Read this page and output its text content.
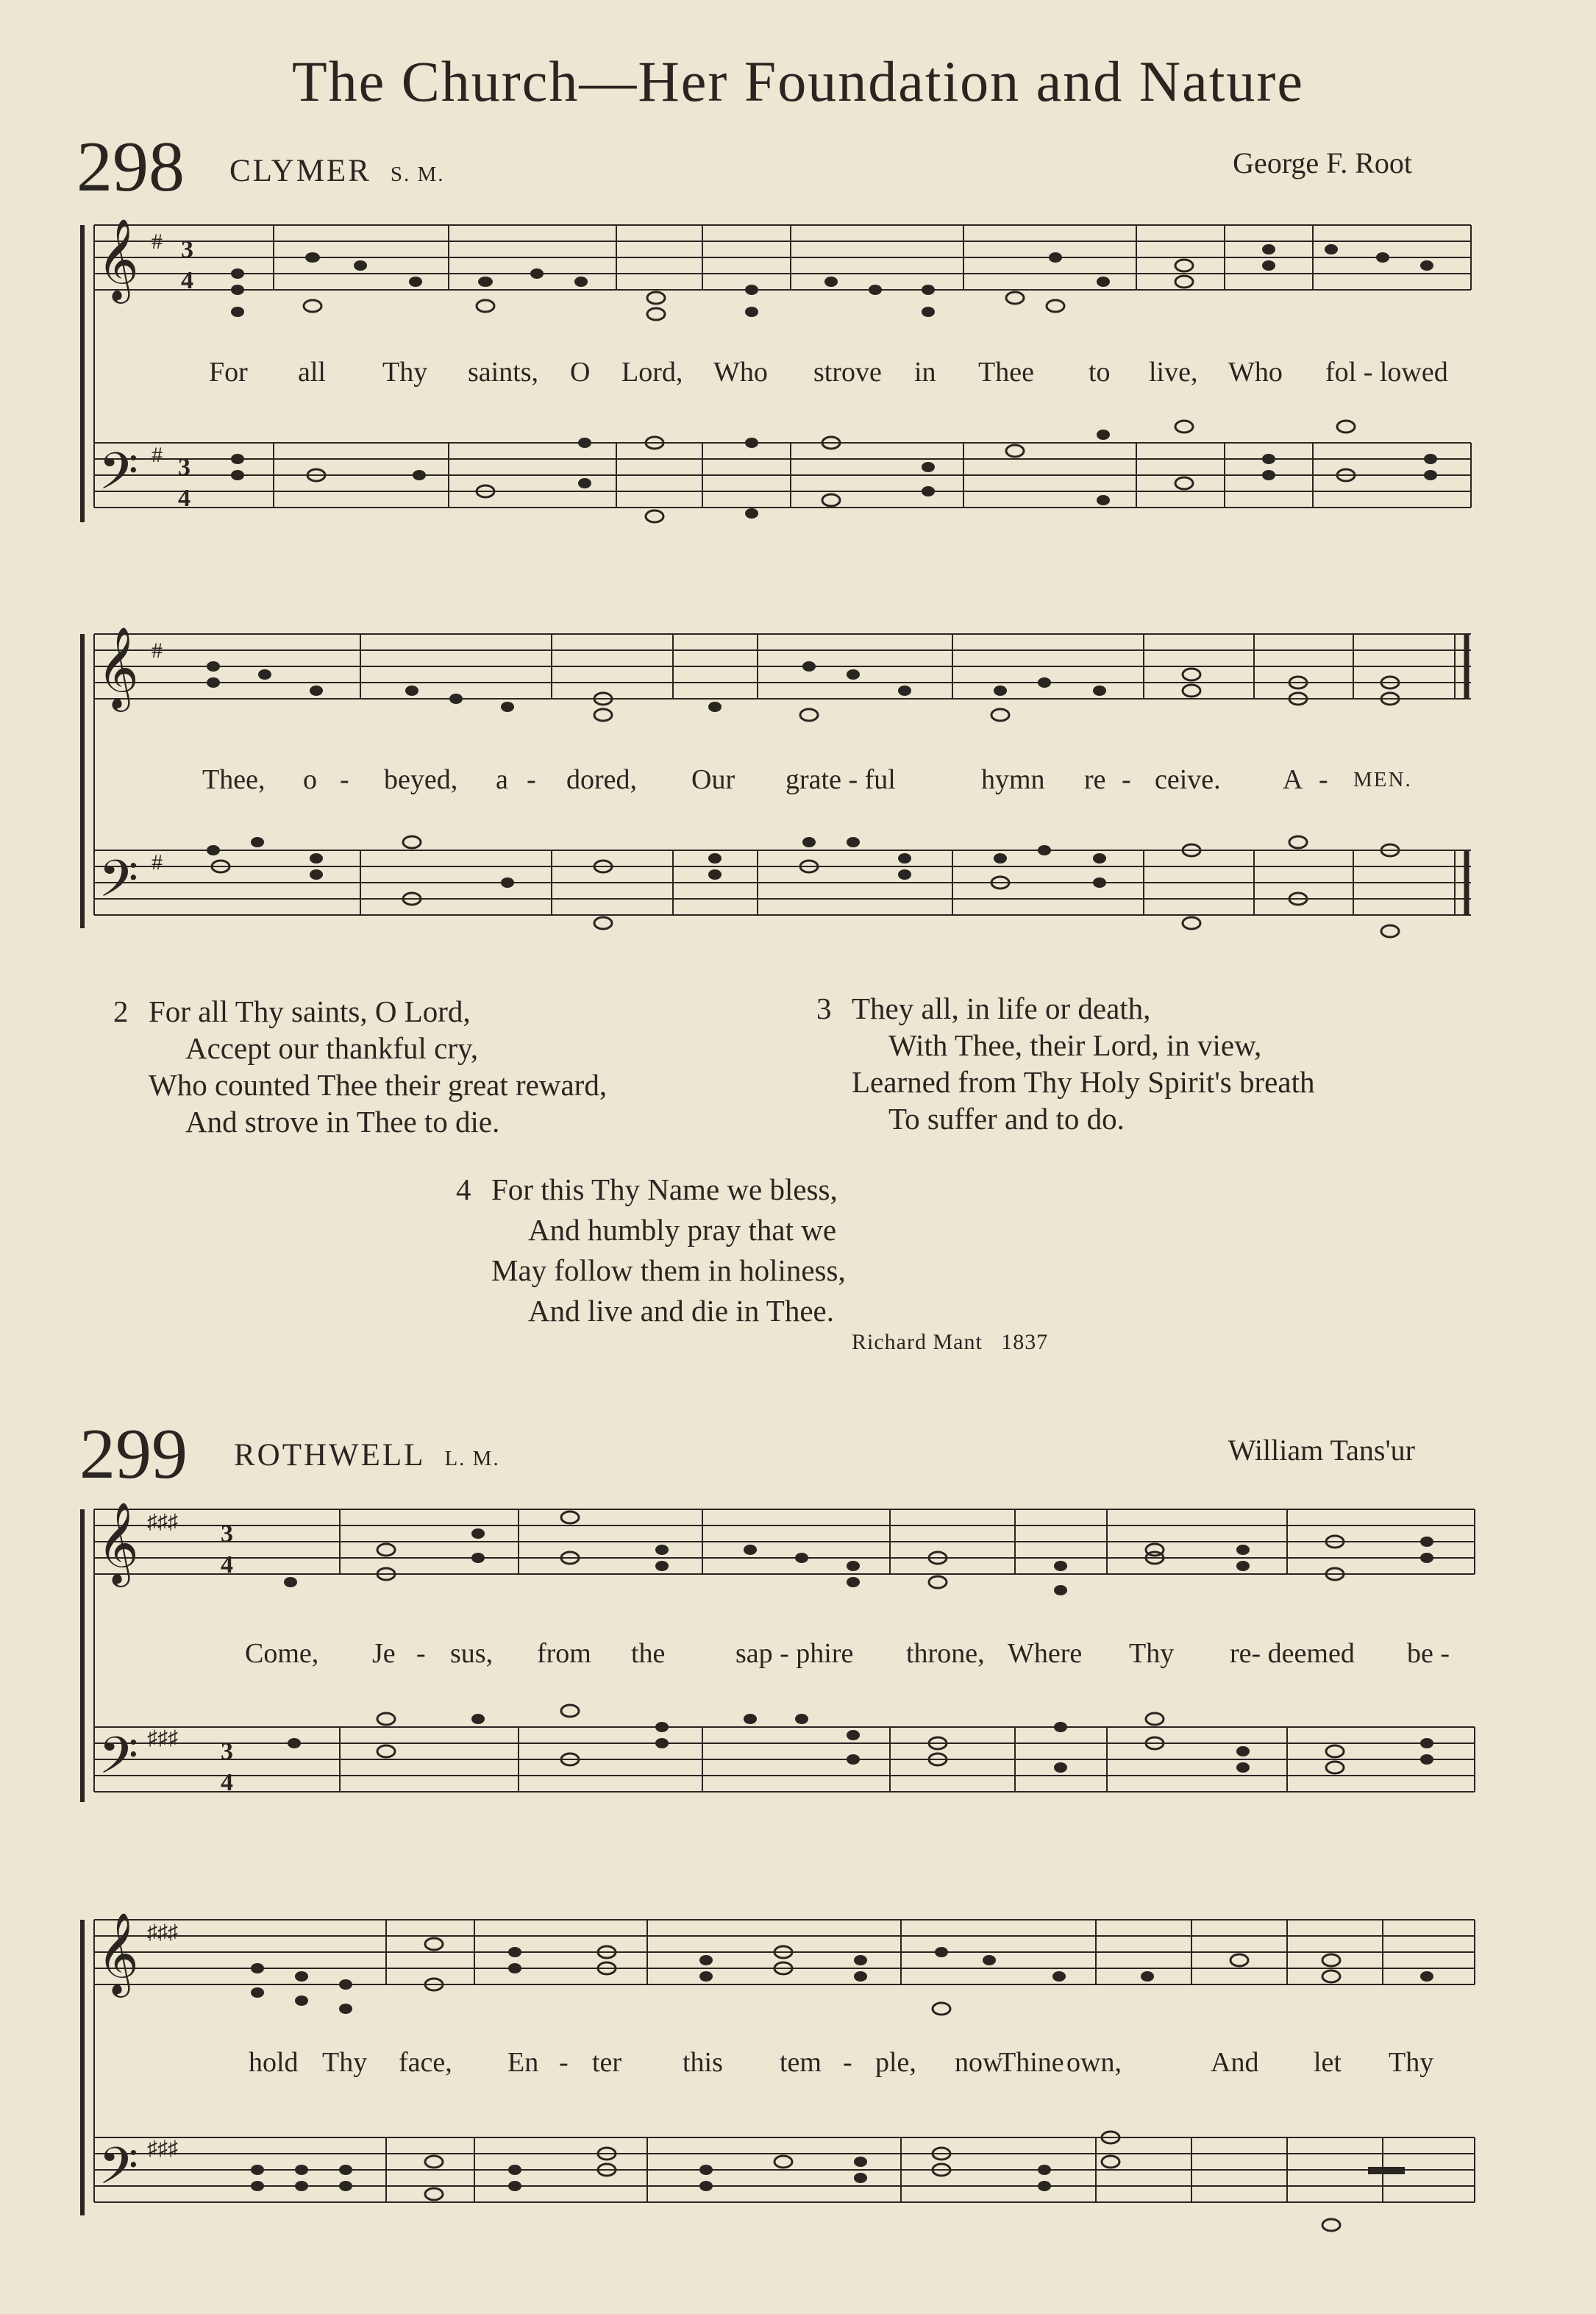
The Church—Her Foundation and Nature
298 CLYMER S. M.	George F. Root
𝄞
𝄢
#
#
3
4
3
4
For all Thy saints, O Lord, Who strove in Thee to live, Who fol - lowed
𝄞
𝄢
#
#
Thee, o - beyed, a - dored, Our grate - ful	hymn re - ceive. A - MEN.
2 For all Thy saints, O Lord,
Accept our thankful cry,
Who counted Thee their great reward,
And strove in Thee to die.
3 They all, in life or death,
With Thee, their Lord, in view,
Learned from Thy Holy Spirit's breath
To suffer and to do.
4 For this Thy Name we bless,
And humbly pray that we
May follow them in holiness,
And live and die in Thee.
Richard Mant 1837
299 ROTHWELL L. M.	William Tans'ur
𝄞
𝄢
♯♯♯
♯♯♯
3
4
3
4
Come, Je - sus, from the	sap - phire throne, Where Thy re- deemed be -
𝄞
𝄢
♯♯♯
♯♯♯
hold Thy face, En - ter this tem - ple, now
Thine own,	And let Thy
